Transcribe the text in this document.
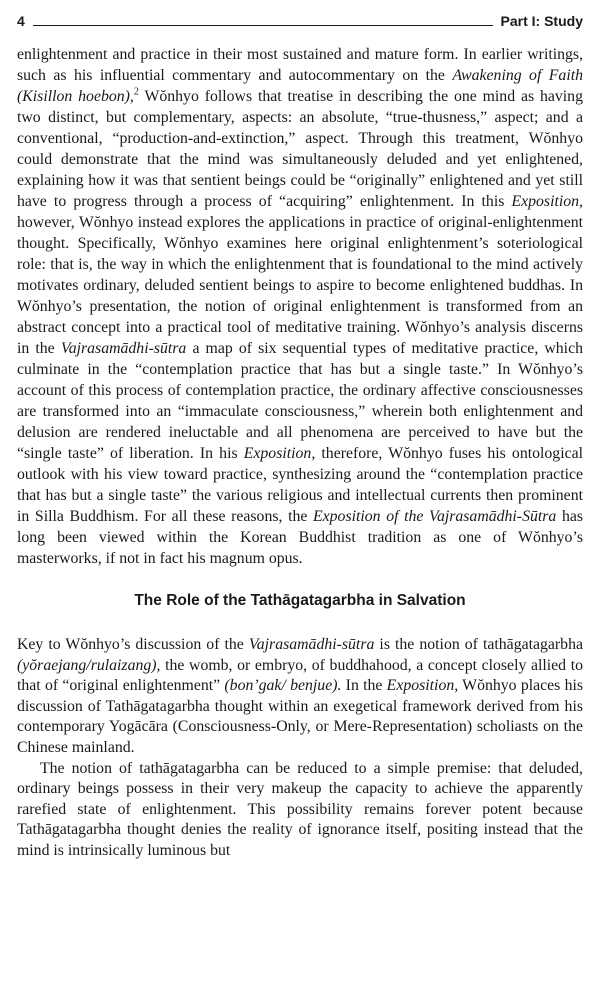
4	Part I: Study

enlightenment and practice in their most sustained and mature form. In earlier writings, such as his influential commentary and autocommentary on the Awakening of Faith (Kisillon hoebon),$^2$ Wŏnhyo follows that treatise in describing the one mind as having two distinct, but complementary, aspects: an absolute, “true-thusness,” aspect; and a conventional, “production-and-extinction,” aspect. Through this treatment, Wŏnhyo could demonstrate that the mind was simultaneously deluded and yet enlightened, explaining how it was that sentient beings could be “originally” enlightened and yet still have to progress through a process of “acquiring” enlightenment. In this Exposition, however, Wŏnhyo instead explores the applications in practice of original-enlightenment thought. Specifically, Wŏnhyo examines here original enlightenment’s soteriological role: that is, the way in which the enlightenment that is foundational to the mind actively motivates ordinary, deluded sentient beings to aspire to become enlightened buddhas. In Wŏnhyo’s presentation, the notion of original enlightenment is transformed from an abstract concept into a practical tool of meditative training. Wŏnhyo’s analysis discerns in the Vajrasamādhi-sūtra a map of six sequential types of meditative practice, which culminate in the “contemplation practice that has but a single taste.” In Wŏnhyo’s account of this process of contemplation practice, the ordinary affective consciousnesses are transformed into an “immaculate consciousness,” wherein both enlightenment and delusion are rendered ineluctable and all phenomena are perceived to have but the “single taste” of liberation. In his Exposition, therefore, Wŏnhyo fuses his ontological outlook with his view toward practice, synthesizing around the “contemplation practice that has but a single taste” the various religious and intellectual currents then prominent in Silla Buddhism. For all these reasons, the Exposition of the Vajrasamādhi-Sūtra has long been viewed within the Korean Buddhist tradition as one of Wŏnhyo’s masterworks, if not in fact his magnum opus.

The Role of the Tathāgatagarbha in Salvation

Key to Wŏnhyo’s discussion of the Vajrasamādhi-sūtra is the notion of tathāgatagarbha (yŏraejang/rulaizang), the womb, or embryo, of buddhahood, a concept closely allied to that of “original enlightenment” (bon’gak/ benjue). In the Exposition, Wŏnhyo places his discussion of Tathāgatagarbha thought within an exegetical framework derived from his contemporary Yogācāra (Consciousness-Only, or Mere-Representation) scholiasts on the Chinese mainland.

The notion of tathāgatagarbha can be reduced to a simple premise: that deluded, ordinary beings possess in their very makeup the capacity to achieve the apparently rarefied state of enlightenment. This possibility remains forever potent because Tathāgatagarbha thought denies the reality of ignorance itself, positing instead that the mind is intrinsically luminous but
